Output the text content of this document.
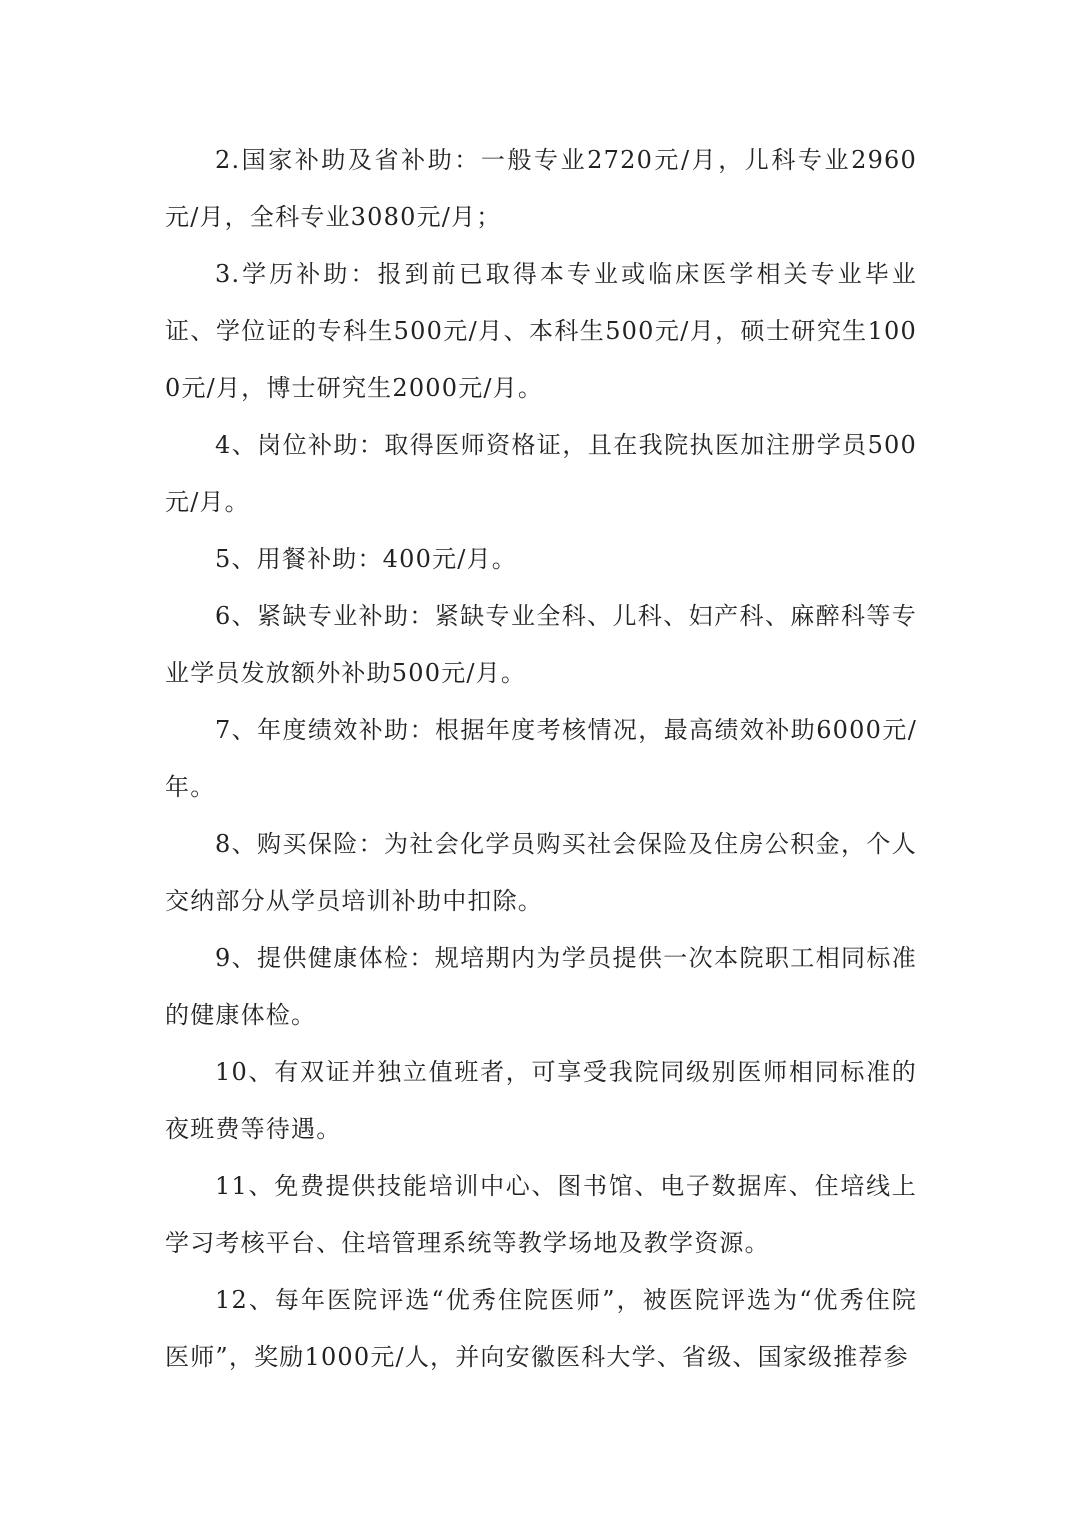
2.国家补助及省补助：一般专业2720元/月，儿科专业2960元/月，全科专业3080元/月；

3.学历补助：报到前已取得本专业或临床医学相关专业毕业证、学位证的专科生500元/月、本科生500元/月，硕士研究生1000元/月，博士研究生2000元/月。

4、岗位补助：取得医师资格证，且在我院执医加注册学员500元/月。

5、用餐补助：400元/月。

6、紧缺专业补助：紧缺专业全科、儿科、妇产科、麻醉科等专业学员发放额外补助500元/月。

7、年度绩效补助：根据年度考核情况，最高绩效补助6000元/年。

8、购买保险：为社会化学员购买社会保险及住房公积金，个人交纳部分从学员培训补助中扣除。

9、提供健康体检：规培期内为学员提供一次本院职工相同标准的健康体检。

10、有双证并独立值班者，可享受我院同级别医师相同标准的夜班费等待遇。

11、免费提供技能培训中心、图书馆、电子数据库、住培线上学习考核平台、住培管理系统等教学场地及教学资源。

12、每年医院评选“优秀住院医师”，被医院评选为“优秀住院医师”，奖励1000元/人，并向安徽医科大学、省级、国家级推荐参
